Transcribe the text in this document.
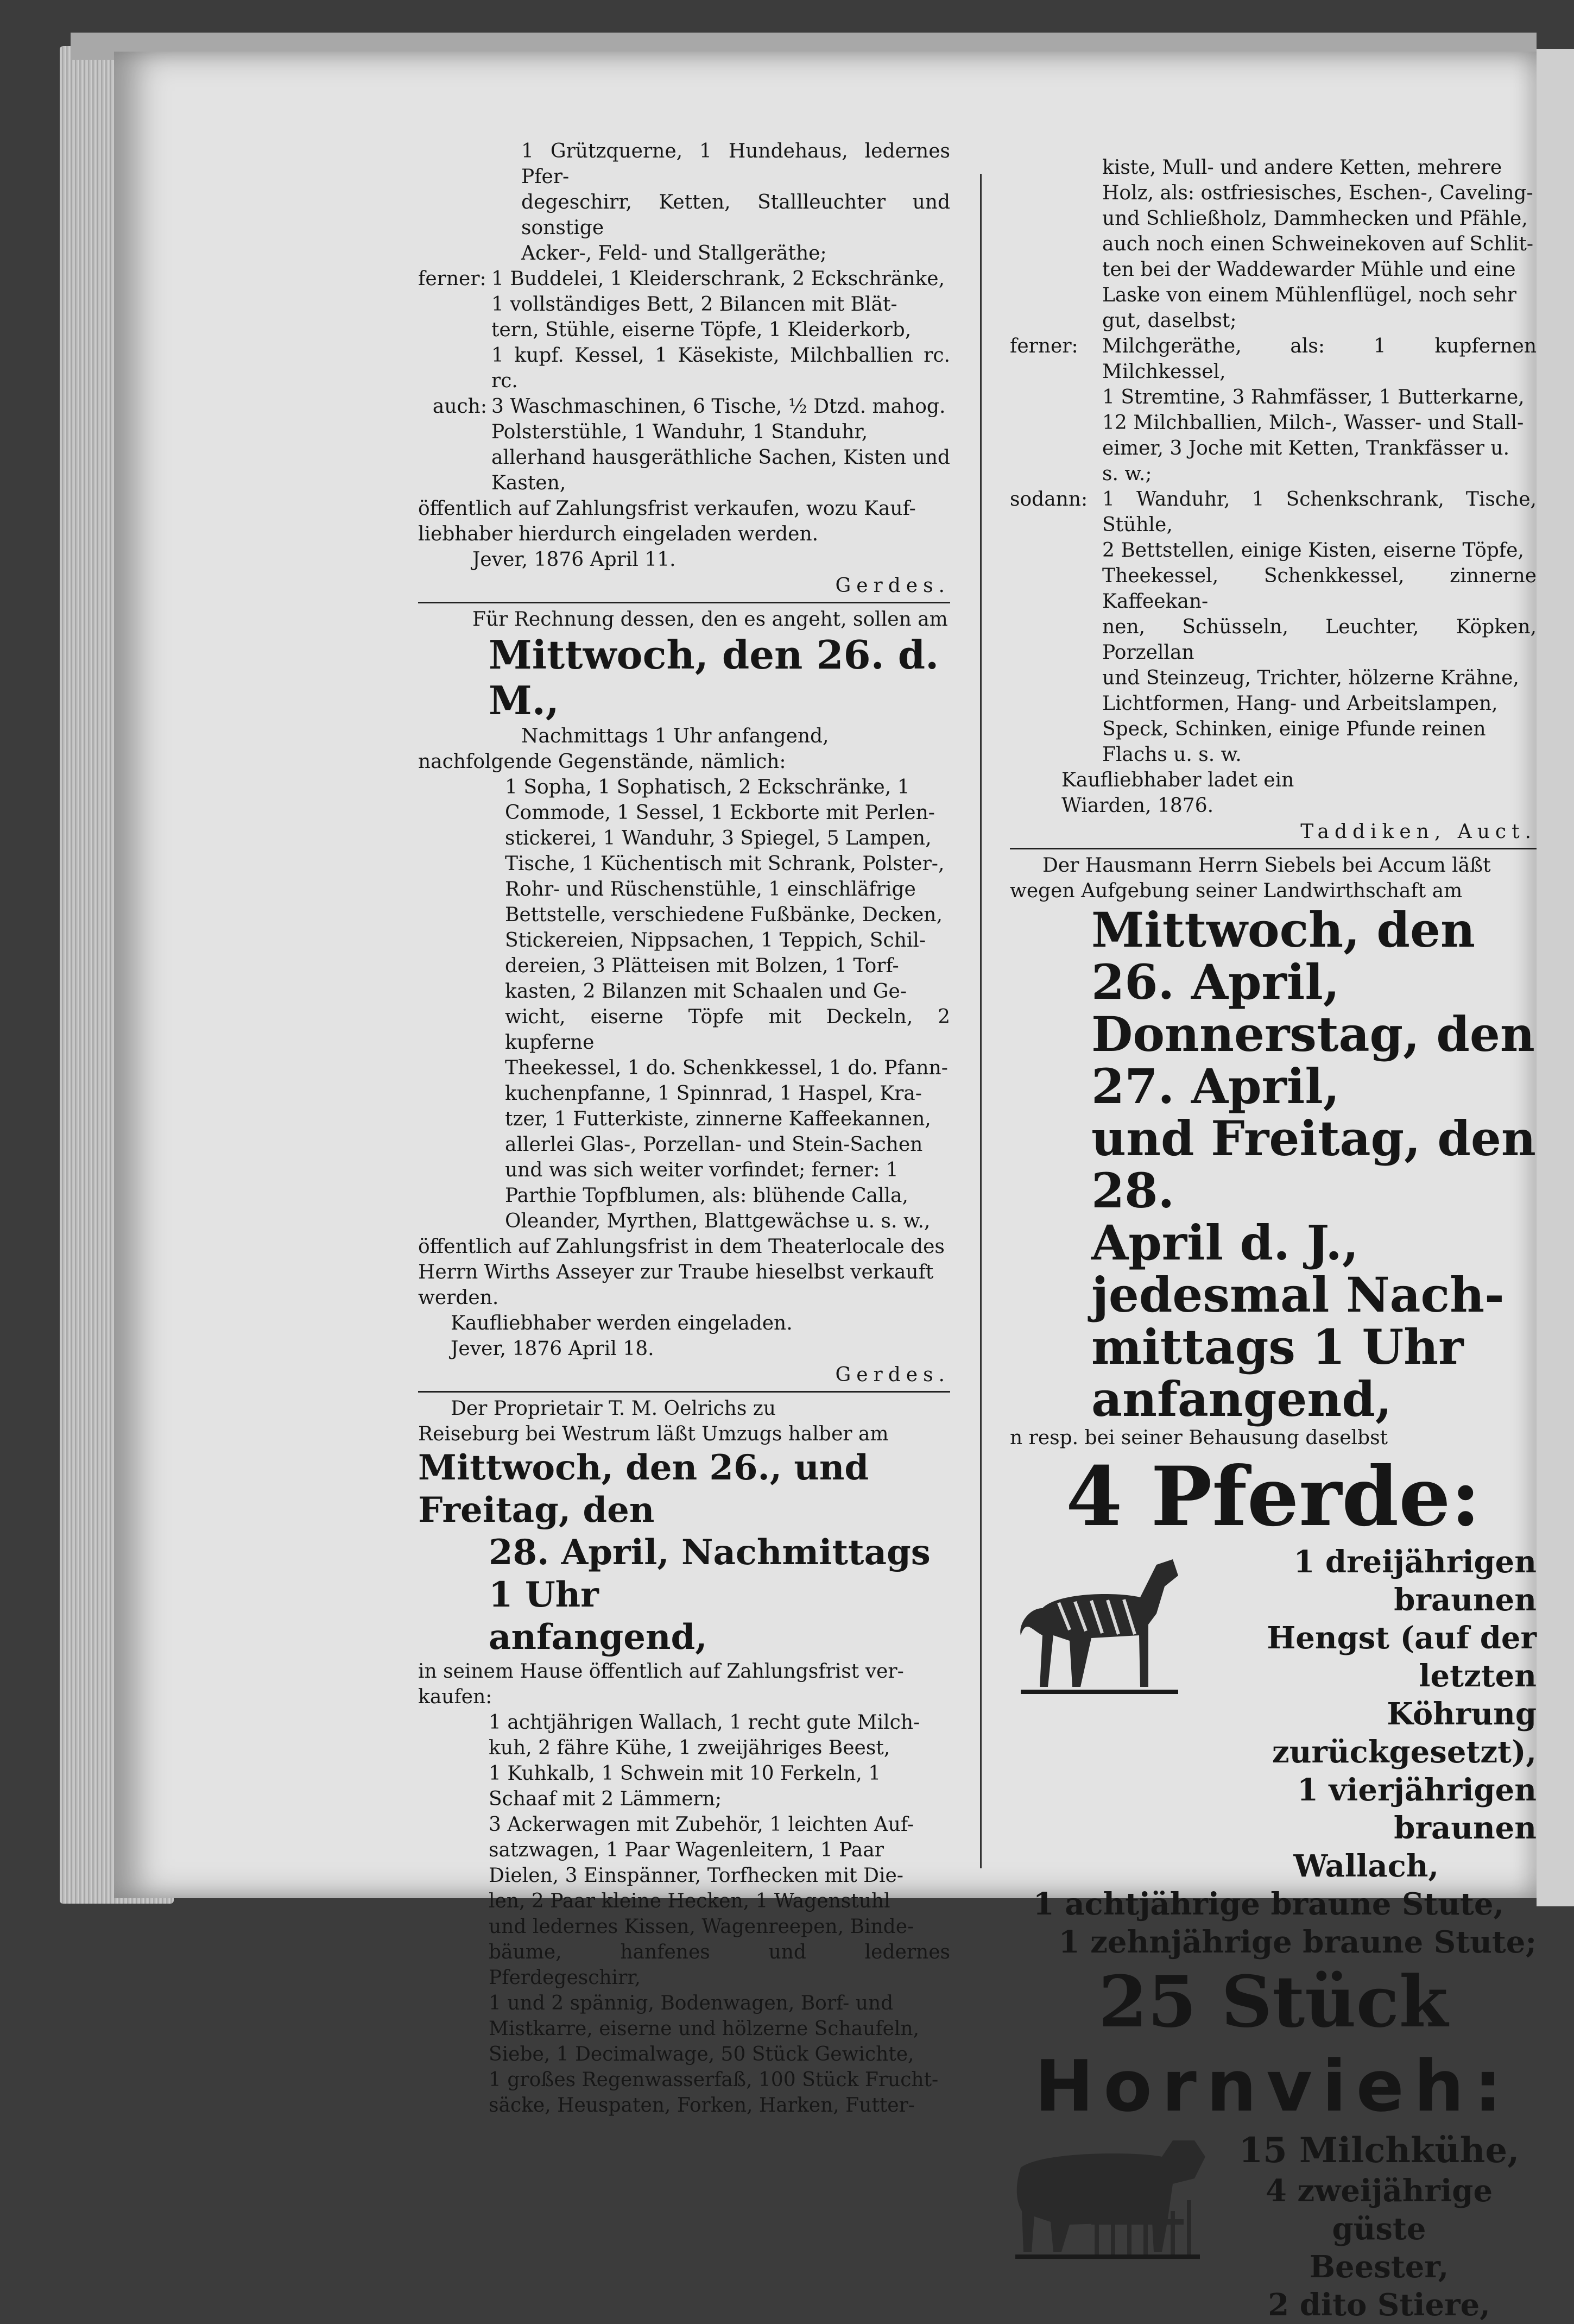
1 Grützquerne, 1 Hundehaus, ledernes Pfer-

degeschirr, Ketten, Stallleuchter und sonstige

Acker-, Feld- und Stallgeräthe;

ferner: 1 Buddelei, 1 Kleiderschrank, 2 Eckschränke,

1 vollständiges Bett, 2 Bilancen mit Blät-

tern, Stühle, eiserne Töpfe, 1 Kleiderkorb,

1 kupf. Kessel, 1 Käsekiste, Milchballien rc. rc.

auch: 3 Waschmaschinen, 6 Tische, ½ Dtzd. mahog.

Polsterstühle, 1 Wanduhr, 1 Standuhr,

allerhand hausgeräthliche Sachen, Kisten und

Kasten,

öffentlich auf Zahlungsfrist verkaufen, wozu Kauf-

liebhaber hierdurch eingeladen werden.

Jever, 1876 April 11.

Gerdes.

Für Rechnung dessen, den es angeht, sollen am

Mittwoch, den 26. d. M.,

Nachmittags 1 Uhr anfangend,

nachfolgende Gegenstände, nämlich:

1 Sopha, 1 Sophatisch, 2 Eckschränke, 1

Commode, 1 Sessel, 1 Eckborte mit Perlen-

stickerei, 1 Wanduhr, 3 Spiegel, 5 Lampen,

Tische, 1 Küchentisch mit Schrank, Polster-,

Rohr- und Rüschenstühle, 1 einschläfrige

Bettstelle, verschiedene Fußbänke, Decken,

Stickereien, Nippsachen, 1 Teppich, Schil-

dereien, 3 Plätteisen mit Bolzen, 1 Torf-

kasten, 2 Bilanzen mit Schaalen und Ge-

wicht, eiserne Töpfe mit Deckeln, 2 kupferne

Theekessel, 1 do. Schenkkessel, 1 do. Pfann-

kuchenpfanne, 1 Spinnrad, 1 Haspel, Kra-

tzer, 1 Futterkiste, zinnerne Kaffeekannen,

allerlei Glas-, Porzellan- und Stein-Sachen

und was sich weiter vorfindet; ferner: 1

Parthie Topfblumen, als: blühende Calla,

Oleander, Myrthen, Blattgewächse u. s. w.,

öffentlich auf Zahlungsfrist in dem Theaterlocale des

Herrn Wirths Asseyer zur Traube hieselbst verkauft

werden.

Kaufliebhaber werden eingeladen.

Jever, 1876 April 18.

Gerdes.

Der Proprietair T. M. Oelrichs zu

Reiseburg bei Westrum läßt Umzugs halber am

Mittwoch, den 26., und Freitag, den

28. April, Nachmittags 1 Uhr

anfangend,

in seinem Hause öffentlich auf Zahlungsfrist ver-

kaufen:

1 achtjährigen Wallach, 1 recht gute Milch-

kuh, 2 fähre Kühe, 1 zweijähriges Beest,

1 Kuhkalb, 1 Schwein mit 10 Ferkeln, 1

Schaaf mit 2 Lämmern;

3 Ackerwagen mit Zubehör, 1 leichten Auf-

satzwagen, 1 Paar Wagenleitern, 1 Paar

Dielen, 3 Einspänner, Torfhecken mit Die-

len, 2 Paar kleine Hecken, 1 Wagenstuhl

und ledernes Kissen, Wagenreepen, Binde-

bäume, hanfenes und ledernes Pferdegeschirr,

1 und 2 spännig, Bodenwagen, Borf- und

Mistkarre, eiserne und hölzerne Schaufeln,

Siebe, 1 Decimalwage, 50 Stück Gewichte,

1 großes Regenwasserfaß, 100 Stück Frucht-

säcke, Heuspaten, Forken, Harken, Futter-

kiste, Mull- und andere Ketten, mehrere

Holz, als: ostfriesisches, Eschen-, Caveling-

und Schließholz, Dammhecken und Pfähle,

auch noch einen Schweinekoven auf Schlit-

ten bei der Waddewarder Mühle und eine

Laske von einem Mühlenflügel, noch sehr

gut, daselbst;

ferner:	Milchgeräthe, als: 1 kupfernen Milchkessel,

1 Stremtine, 3 Rahmfässer, 1 Butterkarne,

12 Milchballien, Milch-, Wasser- und Stall-

eimer, 3 Joche mit Ketten, Trankfässer u.

s. w.;

sodann: 1 Wanduhr, 1 Schenkschrank, Tische, Stühle,

2 Bettstellen, einige Kisten, eiserne Töpfe,

Theekessel, Schenkkessel, zinnerne Kaffeekan-

nen, Schüsseln, Leuchter, Köpken, Porzellan

und Steinzeug, Trichter, hölzerne Krähne,

Lichtformen, Hang- und Arbeitslampen,

Speck, Schinken, einige Pfunde reinen

Flachs u. s. w.

Kaufliebhaber ladet ein

Wiarden, 1876.

Taddiken, Auct.

Der Hausmann Herrn Siebels bei Accum läßt

wegen Aufgebung seiner Landwirthschaft am

Mittwoch, den 26. April,

Donnerstag, den 27. April,

und Freitag, den 28.

April d. J., jedesmal Nach-

mittags 1 Uhr anfangend,

n resp. bei seiner Behausung daselbst

4 Pferde:

1 dreijährigen braunen

Hengst (auf der letzten

Köhrung zurückgesetzt),

1 vierjährigen braunen

Wallach,

1 achtjährige braune Stute,

1 zehnjährige braune Stute;

25 Stück

Hornvieh:

15 Milchkühe,

4 zweijährige güste

Beester,

2 dito Stiere,
